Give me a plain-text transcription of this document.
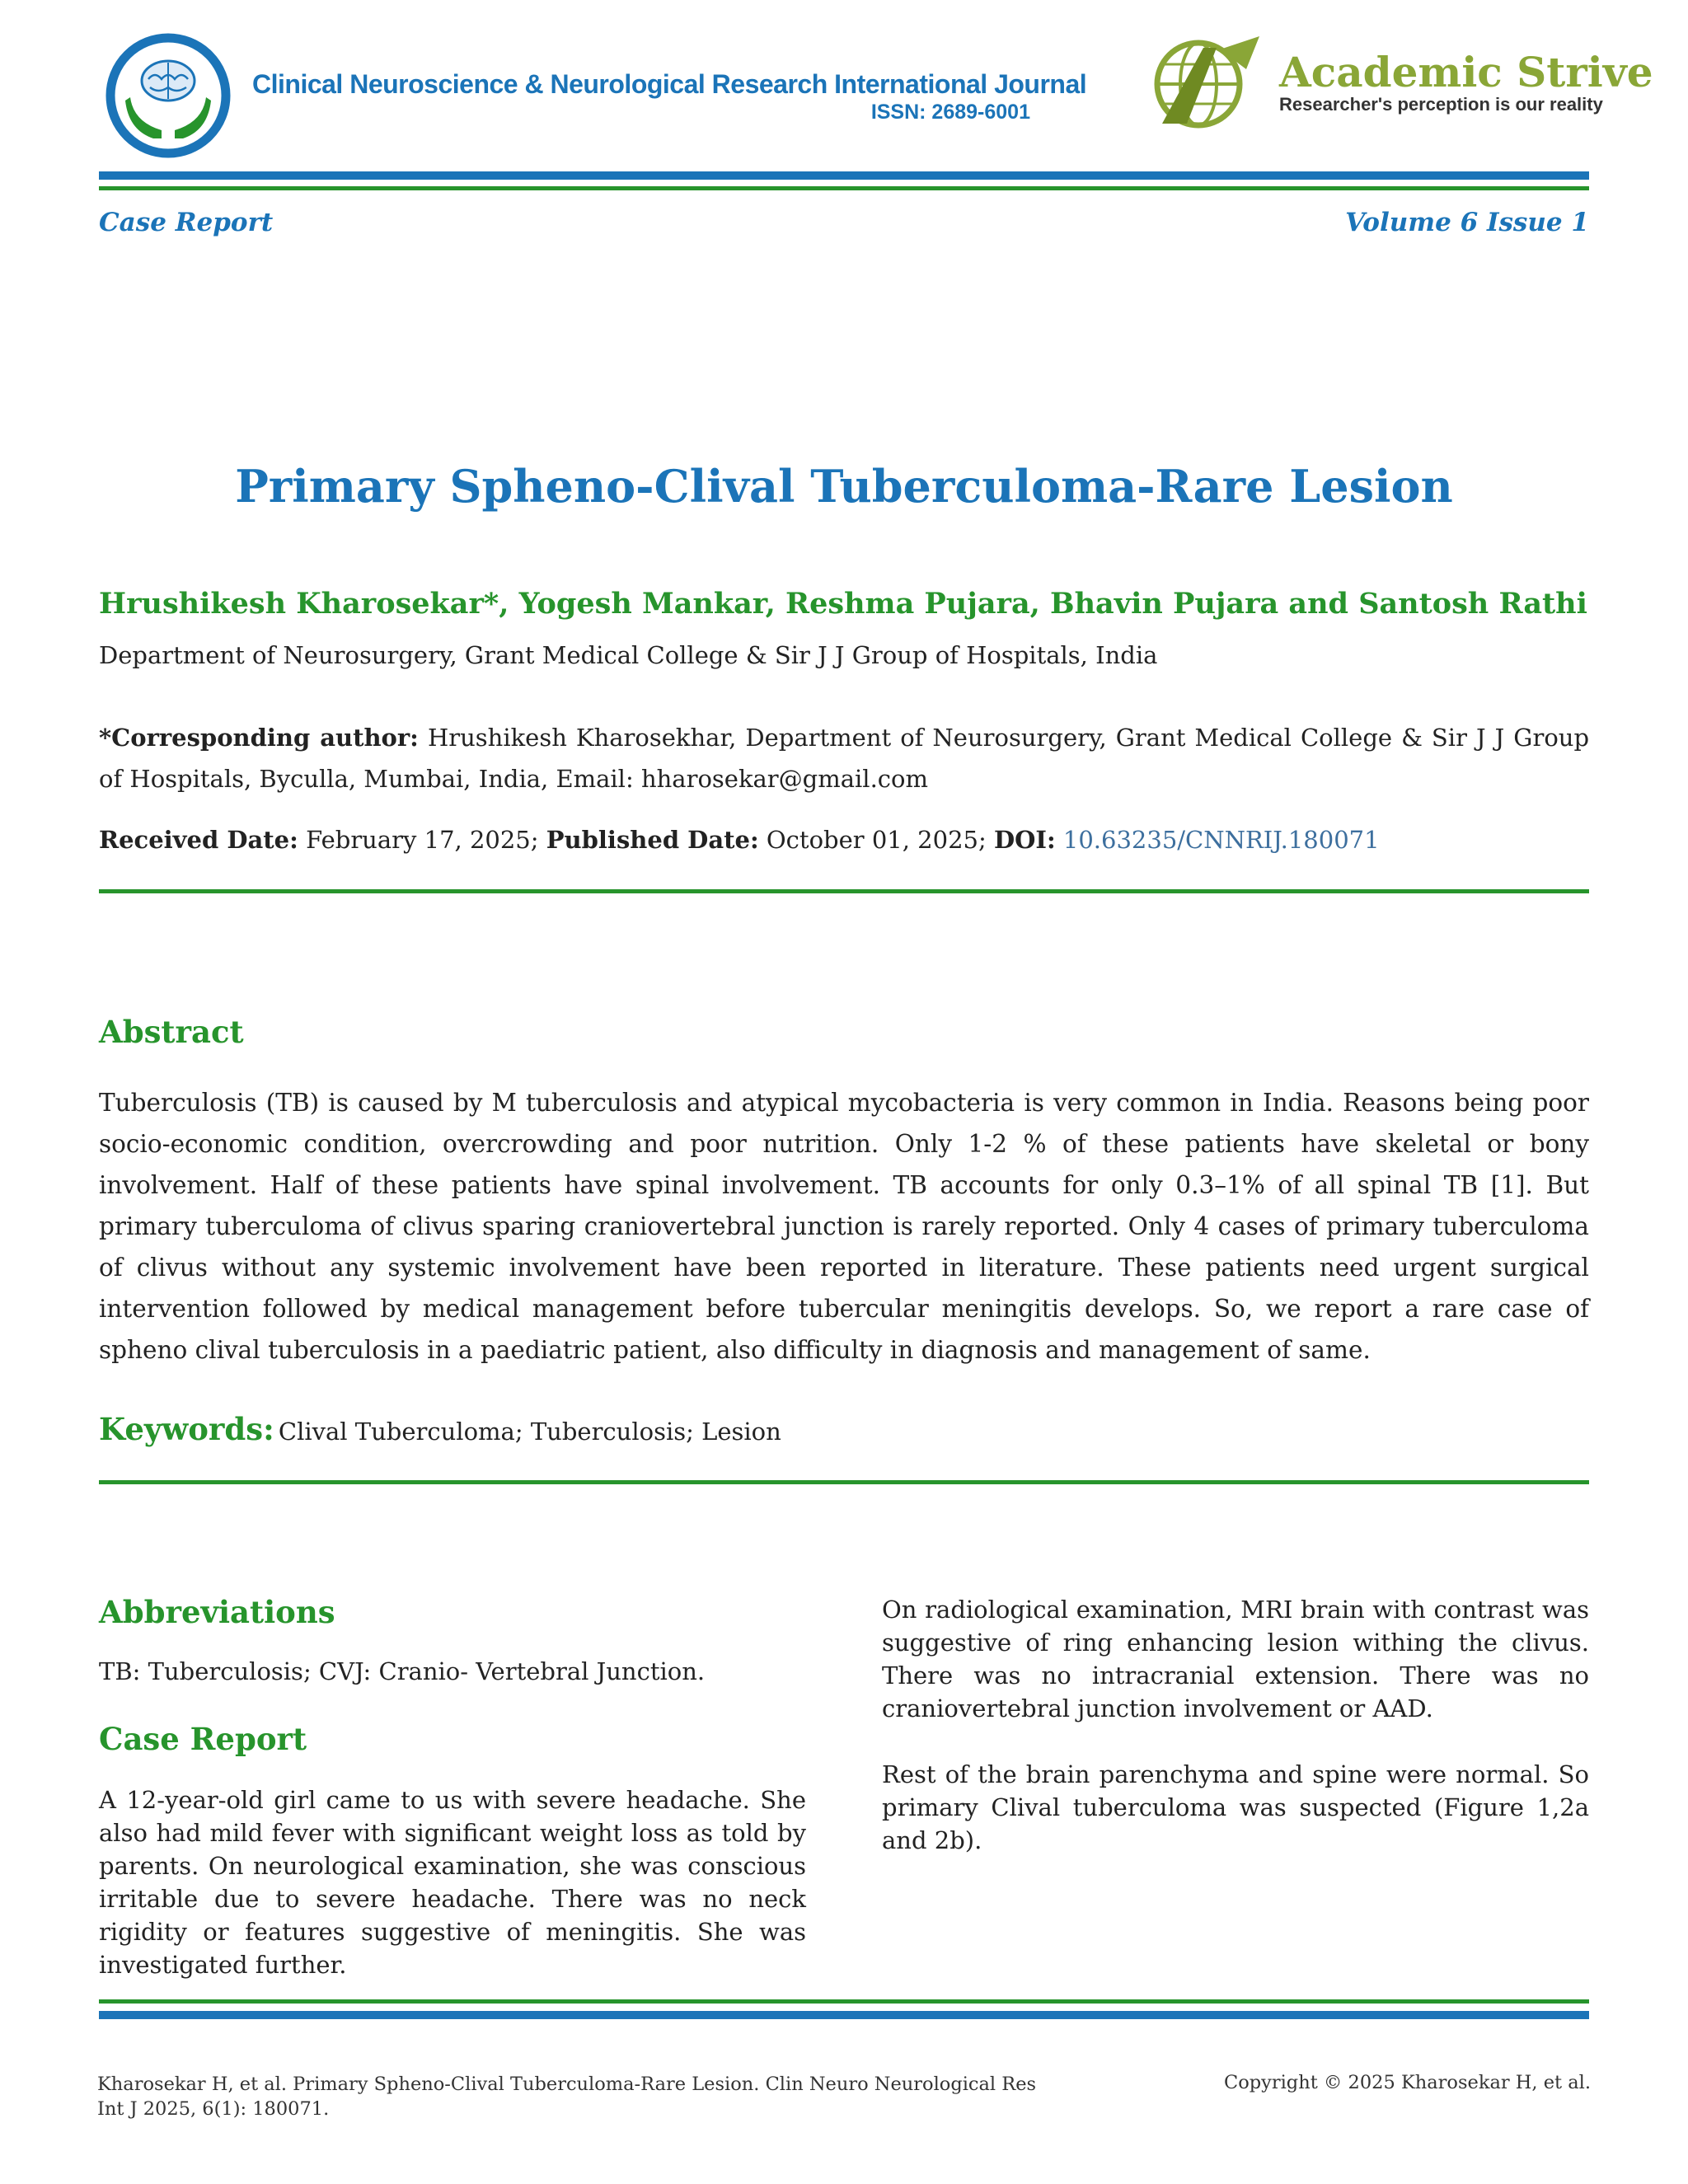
Clinical Neuroscience & Neurological Research International Journal
ISSN: 2689-6001
Academic Strive
Researcher's perception is our reality
Case Report	Volume 6 Issue 1
Primary Spheno-Clival Tuberculoma-Rare Lesion
Hrushikesh Kharosekar*, Yogesh Mankar, Reshma Pujara, Bhavin Pujara and Santosh Rathi
Department of Neurosurgery, Grant Medical College & Sir J J Group of Hospitals, India
*Corresponding author: Hrushikesh Kharosekhar, Department of Neurosurgery, Grant Medical College & Sir J J Group of Hospitals, Byculla, Mumbai, India, Email: hharosekar@gmail.com
Received Date: February 17, 2025; Published Date: October 01, 2025; DOI: 10.63235/CNNRIJ.180071
Abstract
Tuberculosis (TB) is caused by M tuberculosis and atypical mycobacteria is very common in India. Reasons being poor socio-economic condition, overcrowding and poor nutrition. Only 1-2 % of these patients have skeletal or bony involvement. Half of these patients have spinal involvement. TB accounts for only 0.3–1% of all spinal TB [1]. But primary tuberculoma of clivus sparing craniovertebral junction is rarely reported. Only 4 cases of primary tuberculoma of clivus without any systemic involvement have been reported in literature. These patients need urgent surgical intervention followed by medical management before tubercular meningitis develops. So, we report a rare case of spheno clival tuberculosis in a paediatric patient, also difficulty in diagnosis and management of same.
Keywords: Clival Tuberculoma; Tuberculosis; Lesion
Abbreviations
TB: Tuberculosis; CVJ: Cranio- Vertebral Junction.
Case Report
A 12-year-old girl came to us with severe headache. She also had mild fever with significant weight loss as told by parents. On neurological examination, she was conscious irritable due to severe headache. There was no neck rigidity or features suggestive of meningitis. She was investigated further.
On radiological examination, MRI brain with contrast was suggestive of ring enhancing lesion withing the clivus. There was no intracranial extension. There was no craniovertebral junction involvement or AAD.
Rest of the brain parenchyma and spine were normal. So primary Clival tuberculoma was suspected (Figure 1,2a and 2b).
Kharosekar H, et al. Primary Spheno-Clival Tuberculoma-Rare Lesion. Clin Neuro Neurological Res Int J 2025, 6(1): 180071.
Copyright © 2025 Kharosekar H, et al.
